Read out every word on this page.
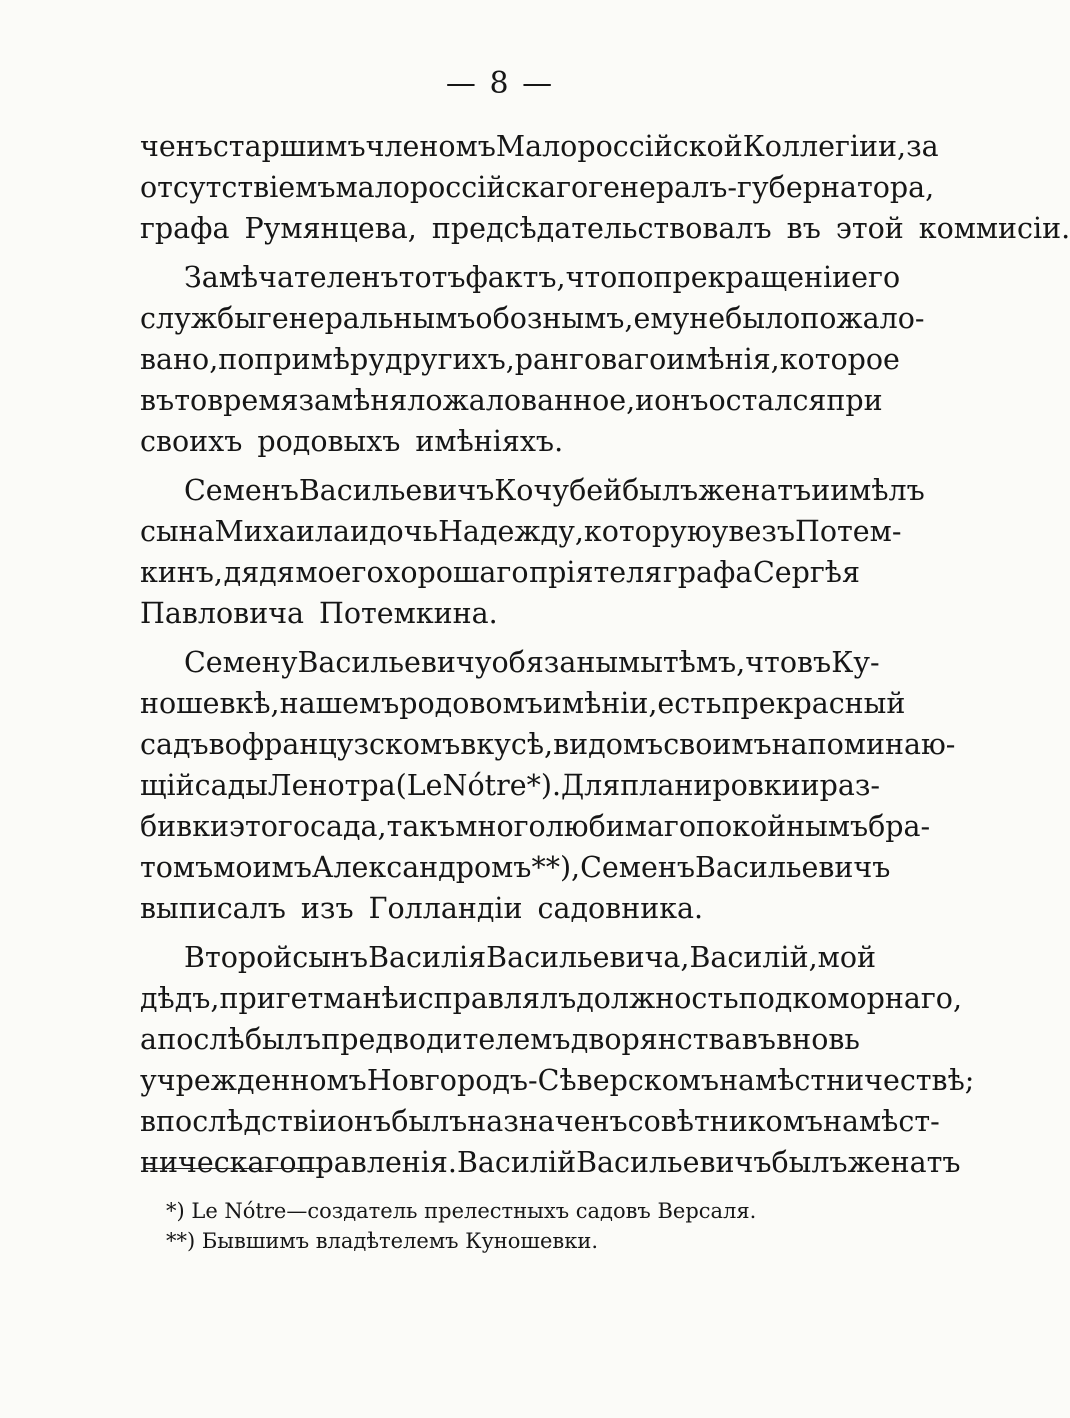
— 8 —
ченъ старшимъ членомъ Малороссійской Коллегіи и, за
отсутствіемъ малороссійскаго генералъ - губернатора,
графа Румянцева, предсѣдательствовалъ въ этой коммисіи.
Замѣчателенъ тотъ фактъ, что по прекращеніи его
службы генеральнымъ обознымъ, ему не было пожало-
вано, по примѣру другихъ, ранговаго имѣнія, которое
въ то время замѣняло жалованное, и онъ остался при
своихъ родовыхъ имѣніяхъ.
Семенъ Васильевичъ Кочубей былъ женатъ и имѣлъ
сына Михаила и дочь Надежду, которую увезъ Потем-
кинъ, дядя моего хорошаго пріятеля графа Сергѣя
Павловича Потемкина.
Семену Васильевичу обязаны мы тѣмъ, что въ Ку-
ношевкѣ, нашемъ родовомъ имѣніи, есть прекрасный
садъ во французскомъ вкусѣ, видомъ своимъ напоминаю-
щій сады Ленотра (Le Nótre *). Для планировки и раз-
бивки этого сада, такъ много любимаго покойнымъ бра-
томъ моимъ Александромъ **), Семенъ Васильевичъ
выписалъ изъ Голландіи садовника.
Второй сынъ Василія Васильевича, Василій, мой
дѣдъ, при гетманѣ исправлялъ должность подкоморнаго,
а послѣ былъ предводителемъ дворянства въ вновь
учрежденномъ Новгородъ-Сѣверскомъ намѣстничествѣ;
впослѣдствіи онъ былъ назначенъ совѣтникомъ намѣст-
ническаго правленія. Василій Васильевичъ былъ женатъ
*) Le Nótre—создатель прелестныхъ садовъ Версаля.
**) Бывшимъ владѣтелемъ Куношевки.
